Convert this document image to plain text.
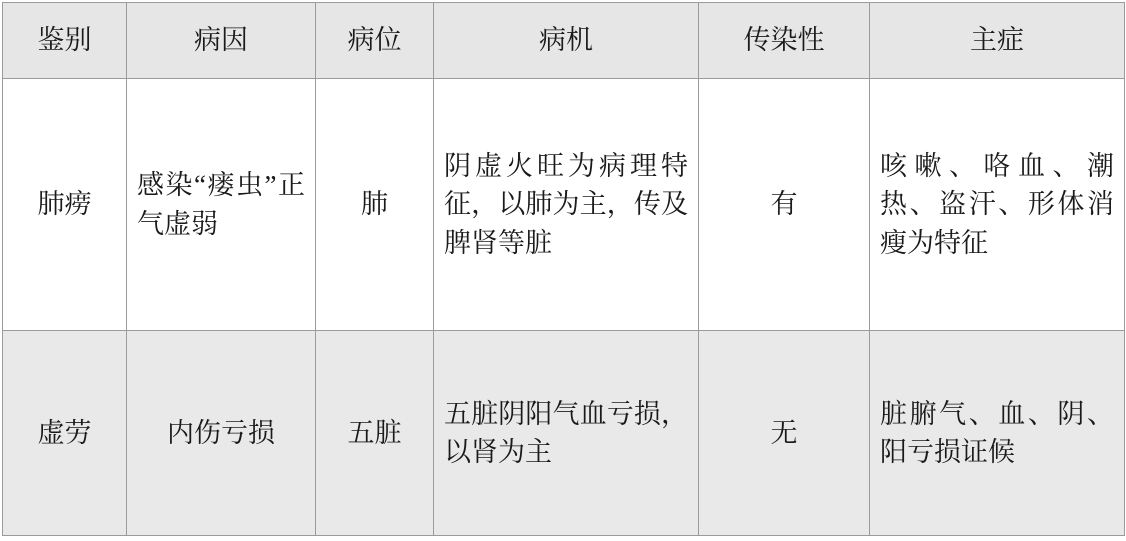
鉴别	病因	病位	病机	传染性	主症
肺痨	感染“瘘虫”正气虚弱	肺	阴虚火旺为病理特征，以肺为主，传及脾肾等脏	有	咳嗽、咯血、潮热、盗汗、形体消瘦为特征

虚劳	内伤亏损	五脏	五脏阴阳气血亏损，以肾为主	无	脏腑气、血、阴、阳亏损证候
